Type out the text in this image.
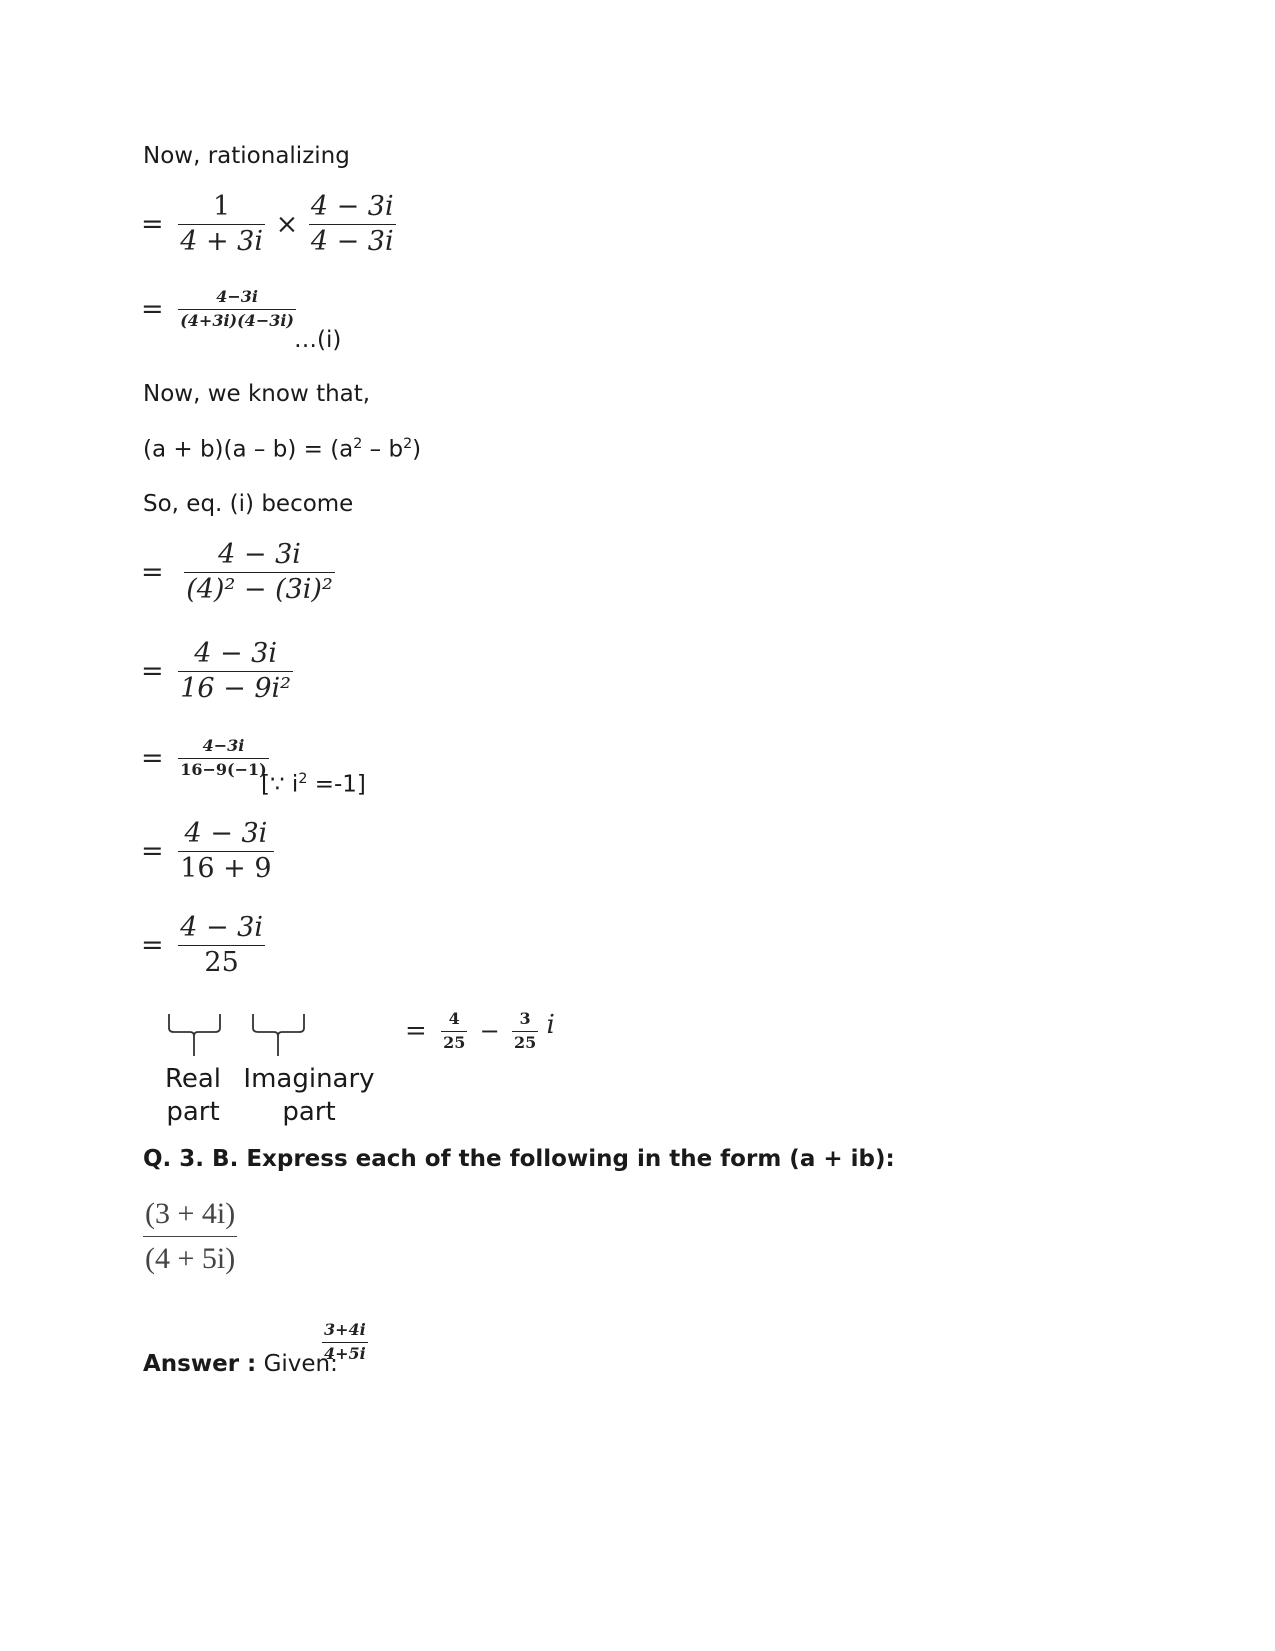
Now, rationalizing
= $\frac{1}{4 + 3i} \times \frac{4 - 3i}{4 - 3i}$
= $\frac{4-3i}{(4+3i)(4-3i)}$
…(i)
Now, we know that,
$(a + b)(a - b) = (a^2 - b^2)$
So, eq. (i) become
= $\frac{4 - 3i}{\text{(4)² − (3i)²}}$
= $\frac{4 - 3i}{\text{16 − 9i²}}$
= $\frac{4-3i}{16-9(-1)}$
[∵ $i^2 =-1$]
= $\frac{4 - 3i}{16 + 9}$
= $\frac{4 - 3i}{25}$
Real
part
Imaginary
part
= $\frac{4}{25} - \frac{3}{25}$ i
Q. 3. B. Express each of the following in the form (a + ib):
$\frac{(3 + 4i)}{(4 + 5i)}$
Answer : Given:
$\frac{3+4i}{4+5i}$
